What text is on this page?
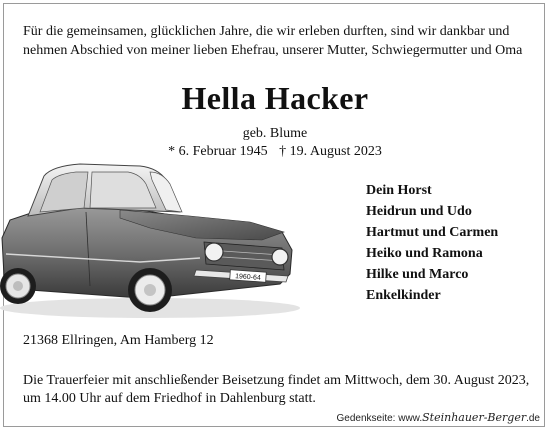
Für die gemeinsamen, glücklichen Jahre, die wir erleben durften, sind wir dankbar und
nehmen Abschied von meiner lieben Ehefrau, unserer Mutter, Schwiegermutter und Oma
Hella Hacker
geb. Blume
* 6. Februar 1945 † 19. August 2023
1960-64
Dein Horst
Heidrun und Udo
Hartmut und Carmen
Heiko und Ramona
Hilke und Marco
Enkelkinder
21368 Ellringen, Am Hamberg 12
Die Trauerfeier mit anschließender Beisetzung findet am Mittwoch, dem 30. August 2023,
um 14.00 Uhr auf dem Friedhof in Dahlenburg statt.
Gedenkseite: www.Steinhauer-Berger.de
